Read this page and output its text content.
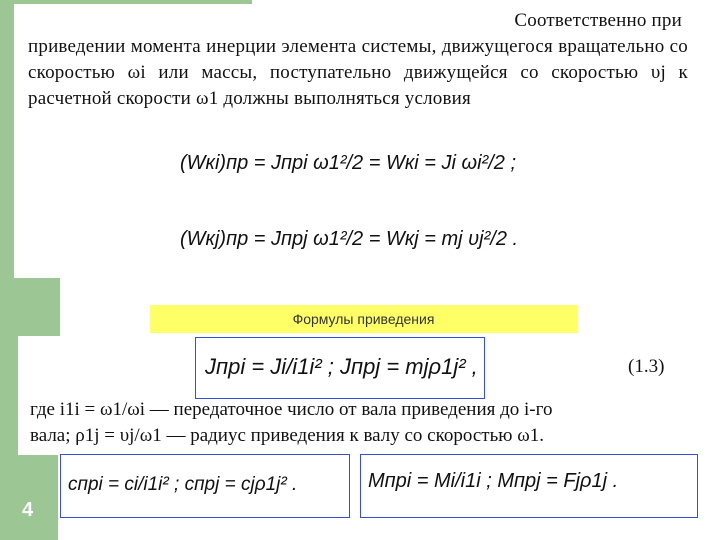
Соответственно при

приведении момента инерции элемента системы, движущегося вращательно со скоростью ωi или массы, поступательно движущейся со скоростью υj к расчетной скорости ω1 должны выполняться условия

(Wкi)пр = Jпрi ω1²/2 = Wкi = Ji ωi²/2 ;
(Wкj)пр = Jпрj ω1²/2 = Wкj = mj υj²/2 .
Формулы приведения
Jпрi = Ji/i1i² ; Jпрj = mjρ1j² ,	(1.3)

где i1i = ω1/ωi — передаточное число от вала приведения до i-го

вала; ρ1j = υj/ω1 — радиус приведения к валу со скоростью ω1.

cпрi = ci/i1i² ; cпрj = cjρ1j² .	Mпрi = Mi/i1i ; Mпрj = Fjρ1j .
4
